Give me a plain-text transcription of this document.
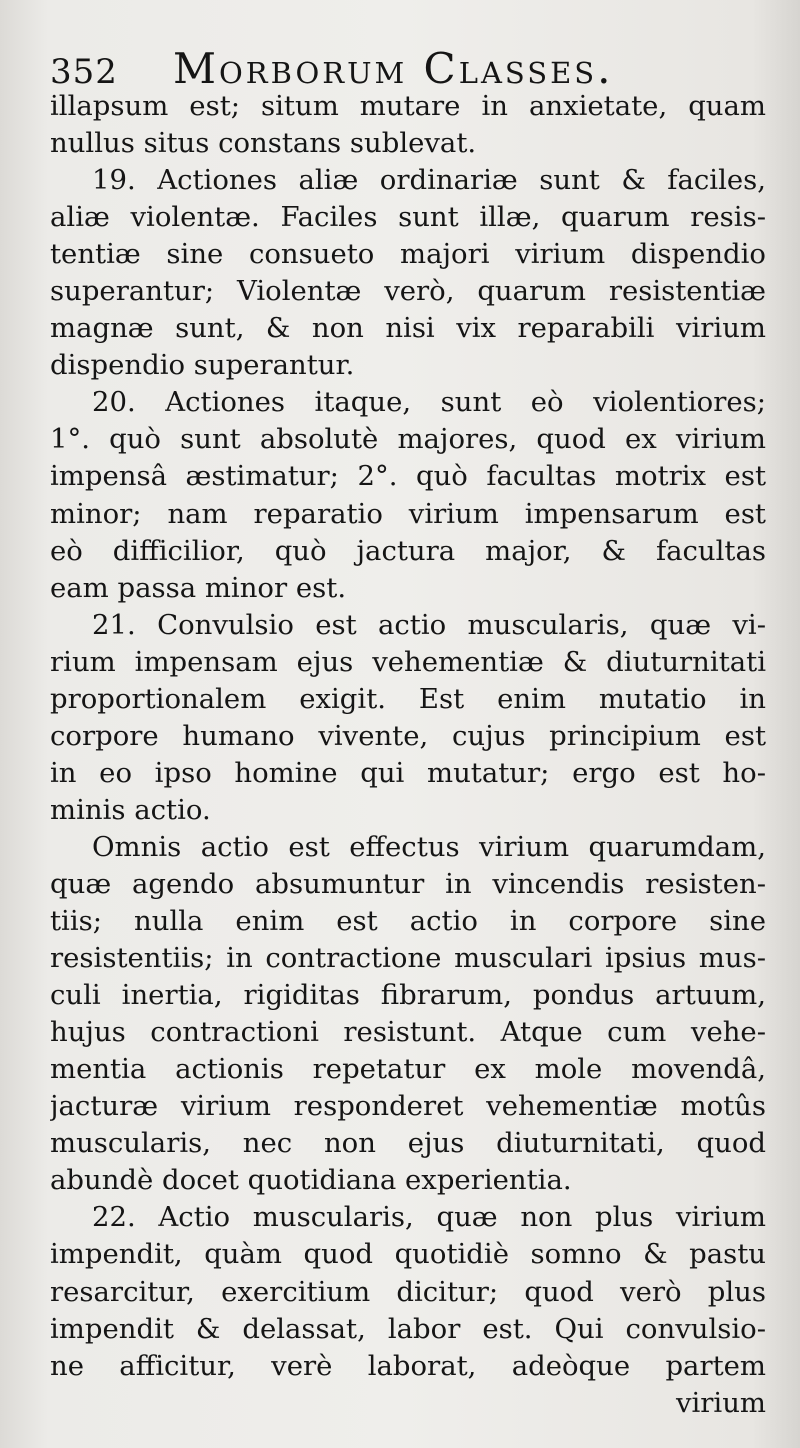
352 Morborum Classes.
illapsum est; situm mutare in anxietate, quam
nullus situs constans sublevat.
19. Actiones aliæ ordinariæ sunt & faciles,
aliæ violentæ. Faciles sunt illæ, quarum resis-
tentiæ sine consueto majori virium dispendio
superantur; Violentæ verò, quarum resistentiæ
magnæ sunt, & non nisi vix reparabili virium
dispendio superantur.
20. Actiones itaque, sunt eò violentiores;
1°. quò sunt absolutè majores, quod ex virium
impensâ æstimatur; 2°. quò facultas motrix est
minor; nam reparatio virium impensarum est
eò difficilior, quò jactura major, & facultas
eam passa minor est.
21. Convulsio est actio muscularis, quæ vi-
rium impensam ejus vehementiæ & diuturnitati
proportionalem exigit. Est enim mutatio in
corpore humano vivente, cujus principium est
in eo ipso homine qui mutatur; ergo est ho-
minis actio.
Omnis actio est effectus virium quarumdam,
quæ agendo absumuntur in vincendis resisten-
tiis; nulla enim est actio in corpore sine
resistentiis; in contractione musculari ipsius mus-
culi inertia, rigiditas fibrarum, pondus artuum,
hujus contractioni resistunt. Atque cum vehe-
mentia actionis repetatur ex mole movendâ,
jacturæ virium responderet vehementiæ motûs
muscularis, nec non ejus diuturnitati, quod
abundè docet quotidiana experientia.
22. Actio muscularis, quæ non plus virium
impendit, quàm quod quotidiè somno & pastu
resarcitur, exercitium dicitur; quod verò plus
impendit & delassat, labor est. Qui convulsio-
ne afficitur, verè laborat, adeòque partem
virium
